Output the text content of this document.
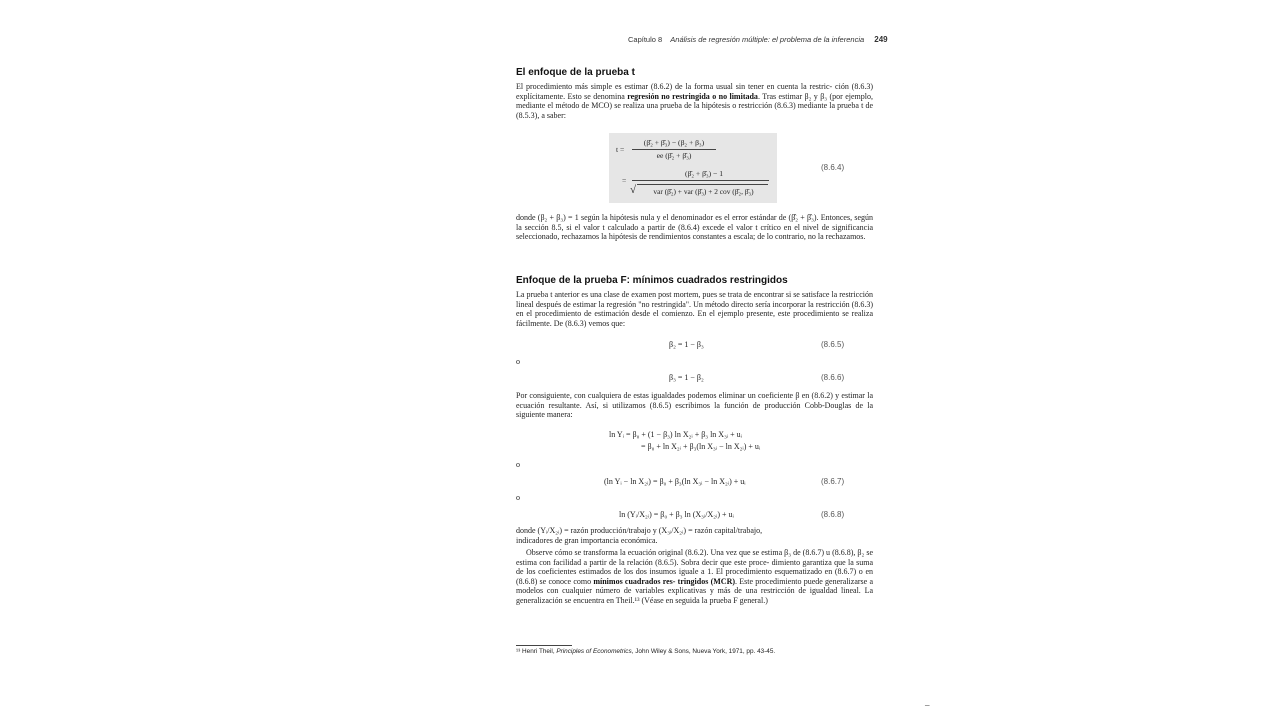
Capítulo 8 Análisis de regresión múltiple: el problema de la inferencia 249
El enfoque de la prueba t
El procedimiento más simple es estimar (8.6.2) de la forma usual sin tener en cuenta la restric- ción (8.6.3) explícitamente. Esto se denomina regresión no restringida o no limitada. Tras estimar β₂ y β₃ (por ejemplo, mediante el método de MCO) se realiza una prueba de la hipótesis o restricción (8.6.3) mediante la prueba t de (8.5.3), a saber:
t =
(β̂₂ + β̂₃) − (β₂ + β₃)
ee (β̂₂ + β̂₃)
=
(β̂₂ + β̂₃) − 1
√	var (β̂₂) + var (β̂₃) + 2 cov (β̂₂, β̂₃)
(8.6.4)
donde (β₂ + β₃) = 1 según la hipótesis nula y el denominador es el error estándar de (β̂₂ + β̂₃). Entonces, según la sección 8.5, si el valor t calculado a partir de (8.6.4) excede el valor t crítico en el nivel de significancia seleccionado, rechazamos la hipótesis de rendimientos constantes a escala; de lo contrario, no la rechazamos.
Enfoque de la prueba F: mínimos cuadrados restringidos
La prueba t anterior es una clase de examen post mortem, pues se trata de encontrar si se satisface la restricción lineal después de estimar la regresión "no restringida". Un método directo sería incorporar la restricción (8.6.3) en el procedimiento de estimación desde el comienzo. En el ejemplo presente, este procedimiento se realiza fácilmente. De (8.6.3) vemos que:
β₂ = 1 − β₃	(8.6.5)
o
β₃ = 1 − β₂	(8.6.6)
Por consiguiente, con cualquiera de estas igualdades podemos eliminar un coeficiente β en (8.6.2) y estimar la ecuación resultante. Así, si utilizamos (8.6.5) escribimos la función de producción Cobb-Douglas de la siguiente manera:
ln Yᵢ = β₀ + (1 − β₃) ln X₂ᵢ + β₃ ln X₃ᵢ + uᵢ
= β₀ + ln X₂ᵢ + β₃(ln X₃ᵢ − ln X₂ᵢ) + uᵢ
o
(ln Yᵢ − ln X₂ᵢ) = β₀ + β₃(ln X₃ᵢ − ln X₂ᵢ) + uᵢ	(8.6.7)
o
ln (Yᵢ/X₂ᵢ) = β₀ + β₃ ln (X₃ᵢ/X₂ᵢ) + uᵢ	(8.6.8)
donde (Yᵢ/X₂ᵢ) = razón producción/trabajo y (X₃ᵢ/X₂ᵢ) = razón capital/trabajo,
indicadores de gran importancia económica.
Observe cómo se transforma la ecuación original (8.6.2). Una vez que se estima β₃ de (8.6.7) u (8.6.8), β₂ se estima con facilidad a partir de la relación (8.6.5). Sobra decir que este proce- dimiento garantiza que la suma de los coeficientes estimados de los dos insumos iguale a 1. El procedimiento esquematizado en (8.6.7) o en (8.6.8) se conoce como mínimos cuadrados res- tringidos (MCR). Este procedimiento puede generalizarse a modelos con cualquier número de variables explicativas y más de una restricción de igualdad lineal. La generalización se encuentra en Theil.¹³ (Véase en seguida la prueba F general.)
¹³ Henri Theil, Principles of Econometrics, John Wiley & Sons, Nueva York, 1971, pp. 43-45.
–
